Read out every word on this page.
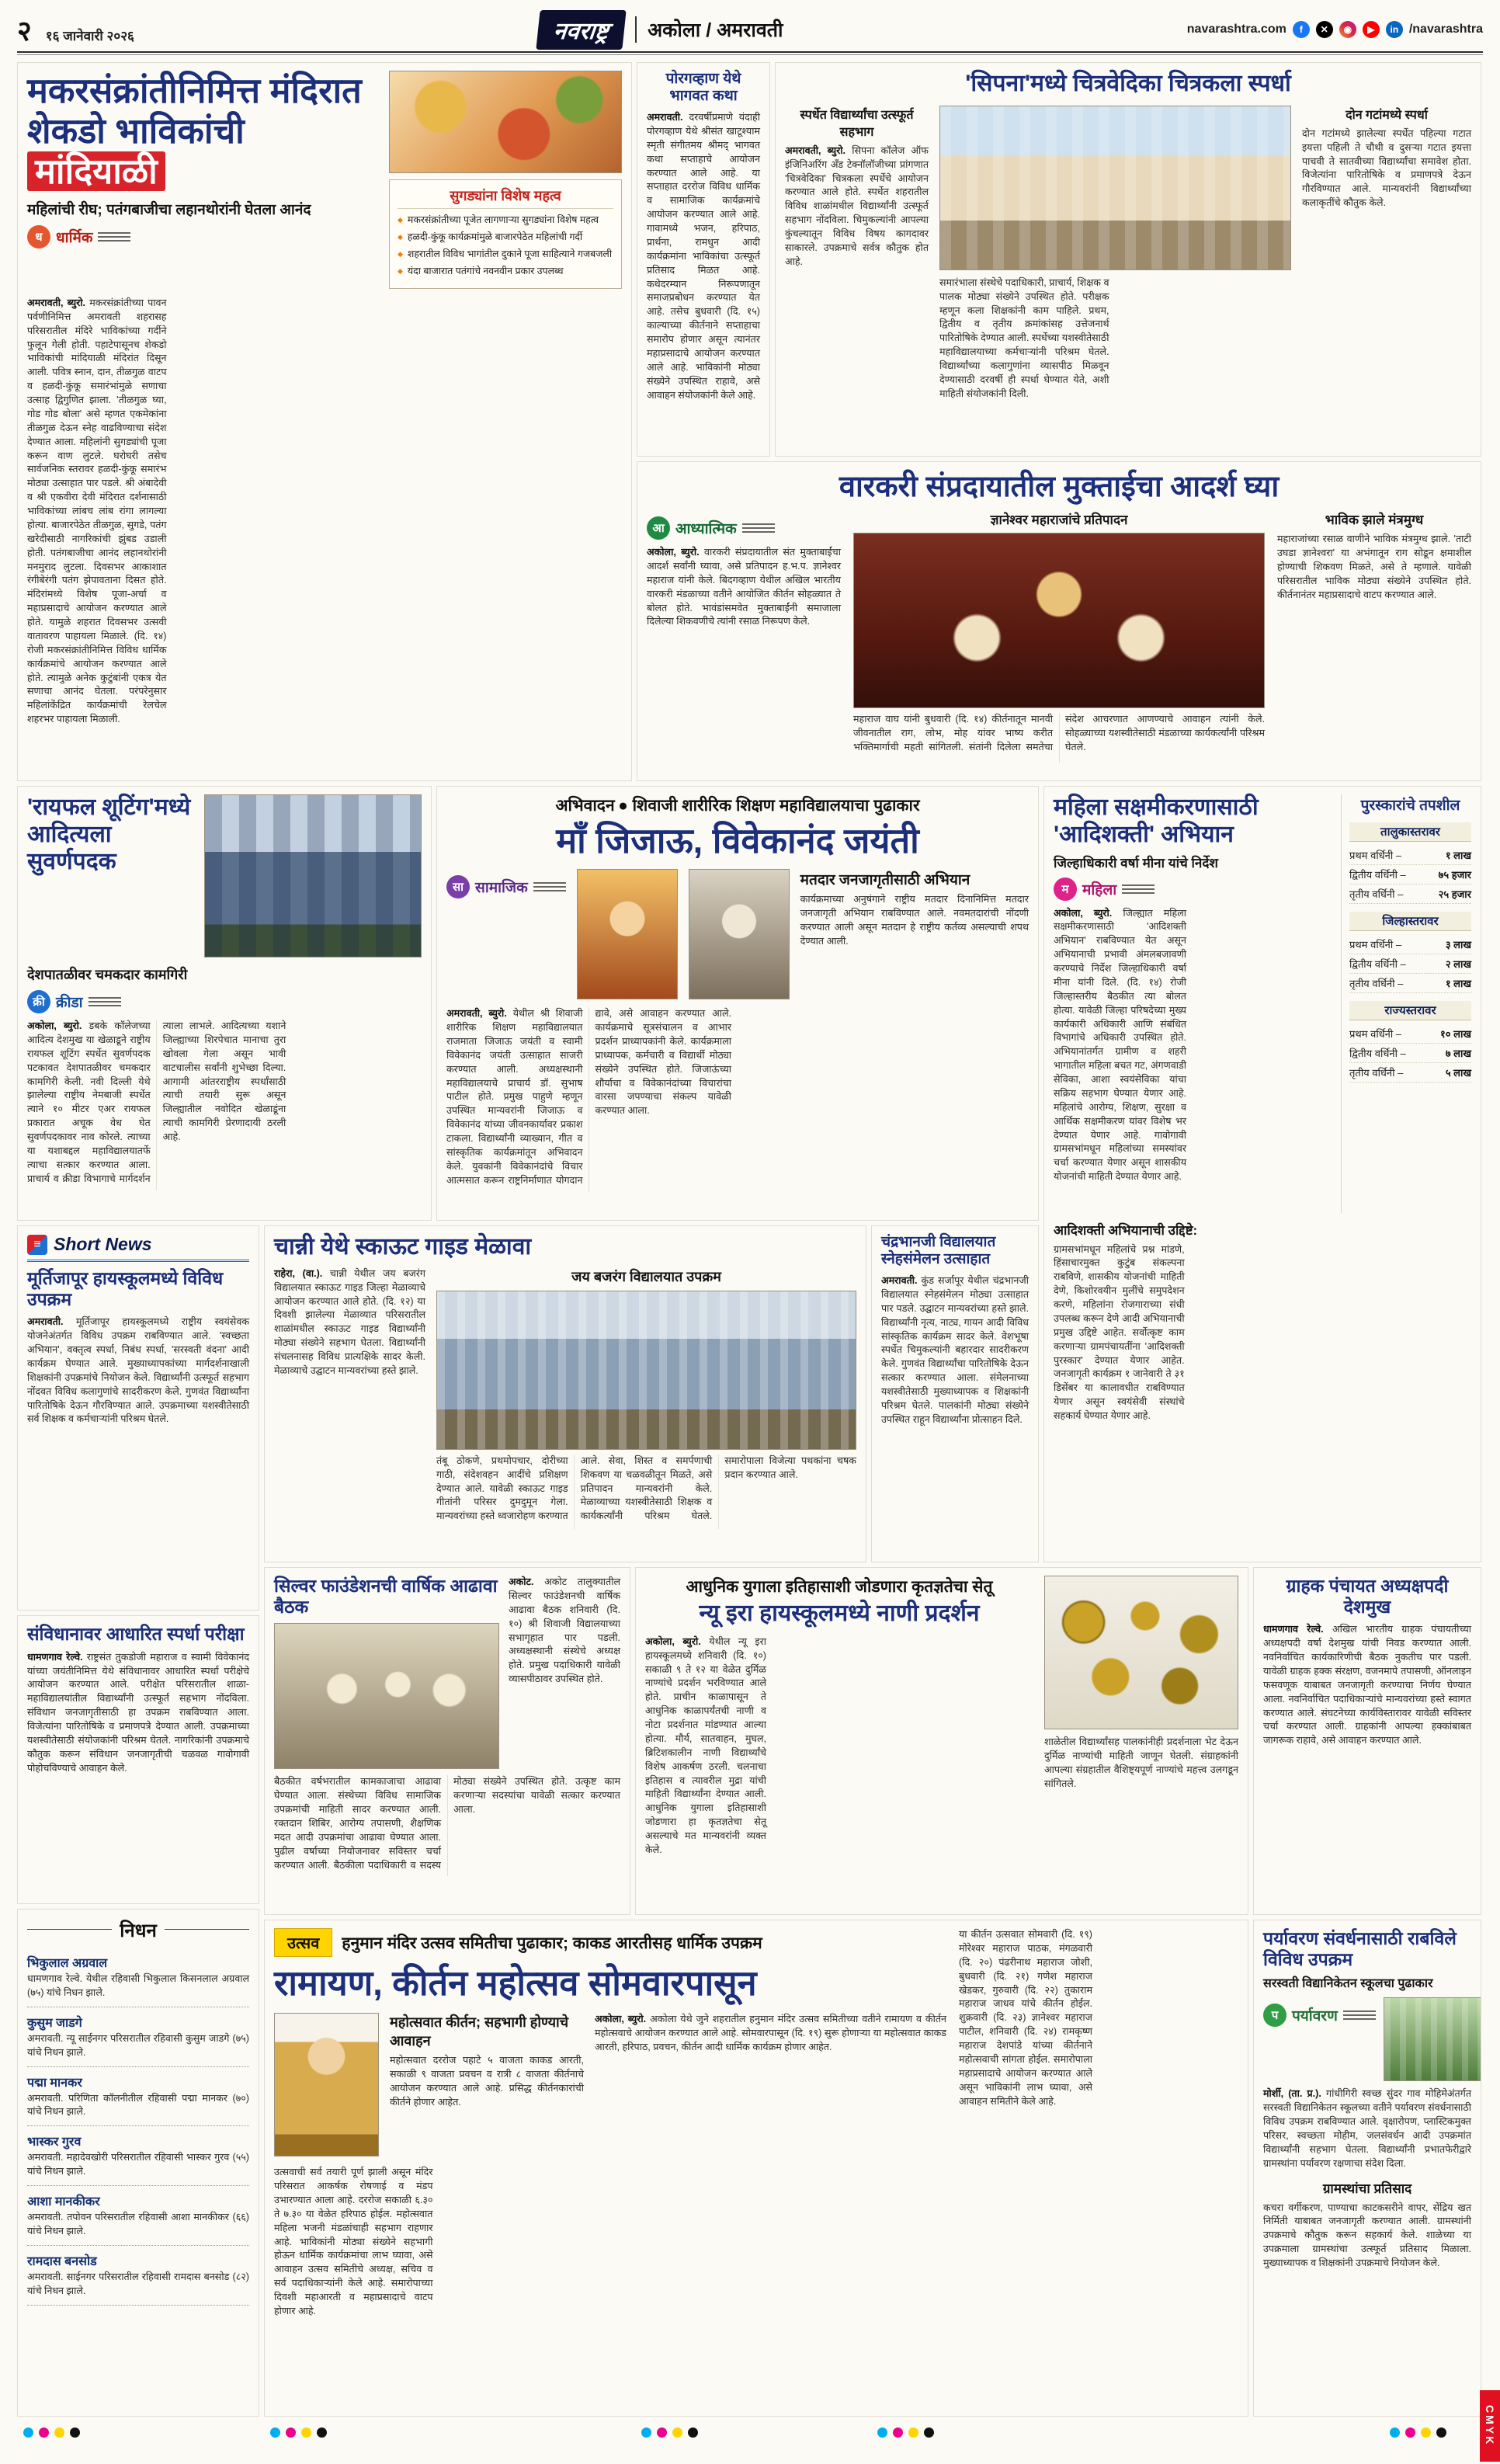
२ १६ जानेवारी २०२६	नवराष्ट्र	अकोला / अमरावती	navarashtra.com	f	✕	◉	▶	in /navarashtra
मकरसंक्रांतीनिमित्त मंदिरात
शेकडो भाविकांची मांदियाळी
महिलांची रीघ; पतंगबाजीचा लहानथोरांनी घेतला आनंद
ध धार्मिक
सुगड्यांना विशेष महत्व
◆ मकरसंक्रांतीच्या पूजेत लागणाऱ्या सुगड्यांना विशेष महत्व
◆ हळदी-कुंकू कार्यक्रमांमुळे बाजारपेठेत महिलांची गर्दी
◆ शहरातील विविध भागांतील दुकाने पूजा साहित्याने गजबजली
◆ यंदा बाजारात पतंगांचे नवनवीन प्रकार उपलब्ध

अमरावती, ब्युरो. मकरसंक्रांतीच्या पावन पर्वणीनिमित्त अमरावती शहरासह परिसरातील मंदिरे भाविकांच्या गर्दीने फुलून गेली होती. पहाटेपासूनच शेकडो भाविकांची मांदियाळी मंदिरांत दिसून आली. पवित्र स्नान, दान, तीळगुळ वाटप व हळदी-कुंकू समारंभांमुळे सणाचा उत्साह द्विगुणित झाला. 'तीळगुळ घ्या, गोड गोड बोला' असे म्हणत एकमेकांना तीळगुळ देऊन स्नेह वाढविण्याचा संदेश देण्यात आला. महिलांनी सुगड्यांची पूजा करून वाण लुटले. घरोघरी तसेच सार्वजनिक स्तरावर हळदी-कुंकू समारंभ मोठ्या उत्साहात पार पडले. श्री अंबादेवी व श्री एकवीरा देवी मंदिरात दर्शनासाठी भाविकांच्या लांबच लांब रांगा लागल्या होत्या. बाजारपेठेत तीळगुळ, सुगडे, पतंग खरेदीसाठी नागरिकांची झुंबड उडाली होती. पतंगबाजीचा आनंद लहानथोरांनी मनमुराद लुटला. दिवसभर आकाशात रंगीबेरंगी पतंग झेपावताना दिसत होते. मंदिरांमध्ये विशेष पूजा-अर्चा व महाप्रसादाचे आयोजन करण्यात आले होते. यामुळे शहरात दिवसभर उत्सवी वातावरण पाहायला मिळाले. (दि. १४) रोजी मकरसंक्रांतीनिमित्त विविध धार्मिक कार्यक्रमांचे आयोजन करण्यात आले होते. त्यामुळे अनेक कुटुंबांनी एकत्र येत सणाचा आनंद घेतला. परंपरेनुसार महिलांकेंद्रित कार्यक्रमांची रेलचेल शहरभर पाहायला मिळाली.

पोरगव्हाण येथे भागवत कथा

अमरावती. दरवर्षीप्रमाणे यंदाही पोरगव्हाण येथे श्रीसंत खाटूश्याम स्मृती संगीतमय श्रीमद् भागवत कथा सप्ताहाचे आयोजन करण्यात आले आहे. या सप्ताहात दररोज विविध धार्मिक व सामाजिक कार्यक्रमांचे आयोजन करण्यात आले आहे. गावामध्ये भजन, हरिपाठ, प्रार्थना, रामधुन आदी कार्यक्रमांना भाविकांचा उत्स्फूर्त प्रतिसाद मिळत आहे. कथेदरम्यान निरूपणातून समाजप्रबोधन करण्यात येत आहे. तसेच बुधवारी (दि. १५) काल्याच्या कीर्तनाने सप्ताहाचा समारोप होणार असून त्यानंतर महाप्रसादाचे आयोजन करण्यात आले आहे. भाविकांनी मोठ्या संख्येने उपस्थित राहावे, असे आवाहन संयोजकांनी केले आहे.

'सिपना'मध्ये चित्रवेदिका चित्रकला स्पर्धा
स्पर्धेत विद्यार्थ्यांचा उत्स्फूर्त सहभाग

अमरावती, ब्युरो. सिपना कॉलेज ऑफ इंजिनिअरिंग अँड टेक्नॉलॉजीच्या प्रांगणात 'चित्रवेदिका' चित्रकला स्पर्धेचे आयोजन करण्यात आले होते. स्पर्धेत शहरातील विविध शाळांमधील विद्यार्थ्यांनी उत्स्फूर्त सहभाग नोंदविला. चिमुकल्यांनी आपल्या कुंचल्यातून विविध विषय कागदावर साकारले. उपक्रमाचे सर्वत्र कौतुक होत आहे.

समारंभाला संस्थेचे पदाधिकारी, प्राचार्य, शिक्षक व पालक मोठ्या संख्येने उपस्थित होते. परीक्षक म्हणून कला शिक्षकांनी काम पाहिले. प्रथम, द्वितीय व तृतीय क्रमांकांसह उत्तेजनार्थ पारितोषिके देण्यात आली. स्पर्धेच्या यशस्वीतेसाठी महाविद्यालयाच्या कर्मचाऱ्यांनी परिश्रम घेतले. विद्यार्थ्यांच्या कलागुणांना व्यासपीठ मिळवून देण्यासाठी दरवर्षी ही स्पर्धा घेण्यात येते, अशी माहिती संयोजकांनी दिली.

दोन गटांमध्ये स्पर्धा

दोन गटांमध्ये झालेल्या स्पर्धेत पहिल्या गटात इयत्ता पहिली ते चौथी व दुसऱ्या गटात इयत्ता पाचवी ते सातवीच्या विद्यार्थ्यांचा समावेश होता. विजेत्यांना पारितोषिके व प्रमाणपत्रे देऊन गौरविण्यात आले. मान्यवरांनी विद्यार्थ्यांच्या कलाकृतींचे कौतुक केले.

वारकरी संप्रदायातील मुक्ताईचा आदर्श घ्या
आ आध्यात्मिक

अकोला, ब्युरो. वारकरी संप्रदायातील संत मुक्ताबाईंचा आदर्श सर्वांनी घ्यावा, असे प्रतिपादन ह.भ.प. ज्ञानेश्वर महाराज यांनी केले. बिदगव्हाण येथील अखिल भारतीय वारकरी मंडळाच्या वतीने आयोजित कीर्तन सोहळ्यात ते बोलत होते. भावंडांसमवेत मुक्ताबाईंनी समाजाला दिलेल्या शिकवणीचे त्यांनी रसाळ निरूपण केले.

ज्ञानेश्वर महाराजांचे प्रतिपादन

महाराज वाघ यांनी बुधवारी (दि. १४) कीर्तनातून मानवी जीवनातील राग, लोभ, मोह यांवर भाष्य करीत भक्तिमार्गाची महती सांगितली. संतांनी दिलेला समतेचा संदेश आचरणात आणण्याचे आवाहन त्यांनी केले. सोहळ्याच्या यशस्वीतेसाठी मंडळाच्या कार्यकर्त्यांनी परिश्रम घेतले.

भाविक झाले मंत्रमुग्ध

महाराजांच्या रसाळ वाणीने भाविक मंत्रमुग्ध झाले. 'ताटी उघडा ज्ञानेश्वरा' या अभंगातून राग सोडून क्षमाशील होण्याची शिकवण मिळते, असे ते म्हणाले. यावेळी परिसरातील भाविक मोठ्या संख्येने उपस्थित होते. कीर्तनानंतर महाप्रसादाचे वाटप करण्यात आले.

'रायफल शूटिंग'मध्ये आदित्यला सुवर्णपदक
देशपातळीवर चमकदार कामगिरी
क्री क्रीडा

अकोला, ब्युरो. डबके कॉलेजच्या आदित्य देशमुख या खेळाडूने राष्ट्रीय रायफल शूटिंग स्पर्धेत सुवर्णपदक पटकावत देशपातळीवर चमकदार कामगिरी केली. नवी दिल्ली येथे झालेल्या राष्ट्रीय नेमबाजी स्पर्धेत त्याने १० मीटर एअर रायफल प्रकारात अचूक वेध घेत सुवर्णपदकावर नाव कोरले. त्याच्या या यशाबद्दल महाविद्यालयातर्फे त्याचा सत्कार करण्यात आला. प्राचार्य व क्रीडा विभागाचे मार्गदर्शन त्याला लाभले. आदित्यच्या यशाने जिल्ह्याच्या शिरपेचात मानाचा तुरा खोवला गेला असून भावी वाटचालीस सर्वांनी शुभेच्छा दिल्या. आगामी आंतरराष्ट्रीय स्पर्धांसाठी त्याची तयारी सुरू असून जिल्ह्यातील नवोदित खेळाडूंना त्याची कामगिरी प्रेरणादायी ठरली आहे.

अभिवादन ● शिवाजी शारीरिक शिक्षण महाविद्यालयाचा पुढाकार
माँ जिजाऊ, विवेकानंद जयंती
सा सामाजिक	मतदार जनजागृतीसाठी अभियान

कार्यक्रमाच्या अनुषंगाने राष्ट्रीय मतदार दिनानिमित्त मतदार जनजागृती अभियान राबविण्यात आले. नवमतदारांची नोंदणी करण्यात आली असून मतदान हे राष्ट्रीय कर्तव्य असल्याची शपथ देण्यात आली.

अमरावती, ब्युरो. येथील श्री शिवाजी शारीरिक शिक्षण महाविद्यालयात राजमाता जिजाऊ जयंती व स्वामी विवेकानंद जयंती उत्साहात साजरी करण्यात आली. अध्यक्षस्थानी महाविद्यालयाचे प्राचार्य डॉ. सुभाष पाटील होते. प्रमुख पाहुणे म्हणून उपस्थित मान्यवरांनी जिजाऊ व विवेकानंद यांच्या जीवनकार्यावर प्रकाश टाकला. विद्यार्थ्यांनी व्याख्यान, गीत व सांस्कृतिक कार्यक्रमांतून अभिवादन केले. युवकांनी विवेकानंदांचे विचार आत्मसात करून राष्ट्रनिर्माणात योगदान द्यावे, असे आवाहन करण्यात आले. कार्यक्रमाचे सूत्रसंचालन व आभार प्रदर्शन प्राध्यापकांनी केले. कार्यक्रमाला प्राध्यापक, कर्मचारी व विद्यार्थी मोठ्या संख्येने उपस्थित होते. जिजाऊंच्या शौर्याचा व विवेकानंदांच्या विचारांचा वारसा जपण्याचा संकल्प यावेळी करण्यात आला.

महिला सक्षमीकरणासाठी
'आदिशक्ती' अभियान
जिल्हाधिकारी वर्षा मीना यांचे निर्देश
म महिला

अकोला, ब्युरो. जिल्ह्यात महिला सक्षमीकरणासाठी 'आदिशक्ती अभियान' राबविण्यात येत असून अभियानाची प्रभावी अंमलबजावणी करण्याचे निर्देश जिल्हाधिकारी वर्षा मीना यांनी दिले. (दि. १४) रोजी जिल्हास्तरीय बैठकीत त्या बोलत होत्या. यावेळी जिल्हा परिषदेच्या मुख्य कार्यकारी अधिकारी आणि संबंधित विभागांचे अधिकारी उपस्थित होते. अभियानांतर्गत ग्रामीण व शहरी भागातील महिला बचत गट, अंगणवाडी सेविका, आशा स्वयंसेविका यांचा सक्रिय सहभाग घेण्यात येणार आहे. महिलांचे आरोग्य, शिक्षण, सुरक्षा व आर्थिक सक्षमीकरण यांवर विशेष भर देण्यात येणार आहे. गावोगावी ग्रामसभांमधून महिलांच्या समस्यांवर चर्चा करण्यात येणार असून शासकीय योजनांची माहिती देण्यात येणार आहे.

पुरस्कारांचे तपशील
तालुकास्तरावर
प्रथम वर्धिनी –	१ लाख
द्वितीय वर्धिनी –	७५ हजार
तृतीय वर्धिनी –	२५ हजार
जिल्हास्तरावर
प्रथम वर्धिनी –	३ लाख
द्वितीय वर्धिनी –	२ लाख
तृतीय वर्धिनी –	१ लाख
राज्यस्तरावर
प्रथम वर्धिनी –	१० लाख
द्वितीय वर्धिनी –	७ लाख
तृतीय वर्धिनी –	५ लाख
आदिशक्ती अभियानाची उद्दिष्टे:

ग्रामसभांमधून महिलांचे प्रश्न मांडणे, हिंसाचारमुक्त कुटुंब संकल्पना राबविणे, शासकीय योजनांची माहिती देणे, किशोरवयीन मुलींचे समुपदेशन करणे, महिलांना रोजगाराच्या संधी उपलब्ध करून देणे आदी अभियानाची प्रमुख उद्दिष्टे आहेत. सर्वोत्कृष्ट काम करणाऱ्या ग्रामपंचायतींना 'आदिशक्ती पुरस्कार' देण्यात येणार आहेत. जनजागृती कार्यक्रम १ जानेवारी ते ३१ डिसेंबर या कालावधीत राबविण्यात येणार असून स्वयंसेवी संस्थांचे सहकार्य घेण्यात येणार आहे.

≡ Short News
मूर्तिजापूर हायस्कूलमध्ये विविध उपक्रम

अमरावती. मूर्तिजापूर हायस्कूलमध्ये राष्ट्रीय स्वयंसेवक योजनेअंतर्गत विविध उपक्रम राबविण्यात आले. 'स्वच्छता अभियान', वक्तृत्व स्पर्धा, निबंध स्पर्धा, 'सरस्वती वंदना' आदी कार्यक्रम घेण्यात आले. मुख्याध्यापकांच्या मार्गदर्शनाखाली शिक्षकांनी उपक्रमांचे नियोजन केले. विद्यार्थ्यांनी उत्स्फूर्त सहभाग नोंदवत विविध कलागुणांचे सादरीकरण केले. गुणवंत विद्यार्थ्यांना पारितोषिके देऊन गौरविण्यात आले. उपक्रमाच्या यशस्वीतेसाठी सर्व शिक्षक व कर्मचाऱ्यांनी परिश्रम घेतले.

चान्नी येथे स्काऊट गाइड मेळावा

राहेरा, (वा.). चान्नी येथील जय बजरंग विद्यालयात स्काऊट गाइड जिल्हा मेळाव्याचे आयोजन करण्यात आले होते. (दि. १२) या दिवशी झालेल्या मेळाव्यात परिसरातील शाळांमधील स्काऊट गाइड विद्यार्थ्यांनी मोठ्या संख्येने सहभाग घेतला. विद्यार्थ्यांनी संचलनासह विविध प्रात्यक्षिके सादर केली. मेळाव्याचे उद्घाटन मान्यवरांच्या हस्ते झाले.

जय बजरंग विद्यालयात उपक्रम

तंबू ठोकणे, प्रथमोपचार, दोरीच्या गाठी, संदेशवहन आदींचे प्रशिक्षण देण्यात आले. यावेळी स्काऊट गाइड गीतांनी परिसर दुमदुमून गेला. मान्यवरांच्या हस्ते ध्वजारोहण करण्यात आले. सेवा, शिस्त व समर्पणाची शिकवण या चळवळीतून मिळते, असे प्रतिपादन मान्यवरांनी केले. मेळाव्याच्या यशस्वीतेसाठी शिक्षक व कार्यकर्त्यांनी परिश्रम घेतले. समारोपाला विजेत्या पथकांना चषक प्रदान करण्यात आले.

चंद्रभानजी विद्यालयात स्नेहसंमेलन उत्साहात

अमरावती. कुंड सर्जापूर येथील चंद्रभानजी विद्यालयात स्नेहसंमेलन मोठ्या उत्साहात पार पडले. उद्घाटन मान्यवरांच्या हस्ते झाले. विद्यार्थ्यांनी नृत्य, नाट्य, गायन आदी विविध सांस्कृतिक कार्यक्रम सादर केले. वेशभूषा स्पर्धेत चिमुकल्यांनी बहारदार सादरीकरण केले. गुणवंत विद्यार्थ्यांचा पारितोषिके देऊन सत्कार करण्यात आला. संमेलनाच्या यशस्वीतेसाठी मुख्याध्यापक व शिक्षकांनी परिश्रम घेतले. पालकांनी मोठ्या संख्येने उपस्थित राहून विद्यार्थ्यांना प्रोत्साहन दिले.

संविधानावर आधारित स्पर्धा परीक्षा

धामणगाव रेल्वे. राष्ट्रसंत तुकडोजी महाराज व स्वामी विवेकानंद यांच्या जयंतीनिमित्त येथे संविधानावर आधारित स्पर्धा परीक्षेचे आयोजन करण्यात आले. परीक्षेत परिसरातील शाळा-महाविद्यालयांतील विद्यार्थ्यांनी उत्स्फूर्त सहभाग नोंदविला. संविधान जनजागृतीसाठी हा उपक्रम राबविण्यात आला. विजेत्यांना पारितोषिके व प्रमाणपत्रे देण्यात आली. उपक्रमाच्या यशस्वीतेसाठी संयोजकांनी परिश्रम घेतले. नागरिकांनी उपक्रमाचे कौतुक करून संविधान जनजागृतीची चळवळ गावोगावी पोहोचविण्याचे आवाहन केले.

सिल्वर फाउंडेशनची वार्षिक आढावा बैठक

अकोट. अकोट तालुक्यातील सिल्वर फाउंडेशनची वार्षिक आढावा बैठक शनिवारी (दि. १०) श्री शिवाजी विद्यालयाच्या सभागृहात पार पडली. अध्यक्षस्थानी संस्थेचे अध्यक्ष होते. प्रमुख पदाधिकारी यावेळी व्यासपीठावर उपस्थित होते.

बैठकीत वर्षभरातील कामकाजाचा आढावा घेण्यात आला. संस्थेच्या विविध सामाजिक उपक्रमांची माहिती सादर करण्यात आली. रक्तदान शिबिर, आरोग्य तपासणी, शैक्षणिक मदत आदी उपक्रमांचा आढावा घेण्यात आला. पुढील वर्षाच्या नियोजनावर सविस्तर चर्चा करण्यात आली. बैठकीला पदाधिकारी व सदस्य मोठ्या संख्येने उपस्थित होते. उत्कृष्ट काम करणाऱ्या सदस्यांचा यावेळी सत्कार करण्यात आला.

आधुनिक युगाला इतिहासाशी जोडणारा कृतज्ञतेचा सेतू
न्यू इरा हायस्कूलमध्ये नाणी प्रदर्शन

अकोला, ब्युरो. येथील न्यू इरा हायस्कूलमध्ये शनिवारी (दि. १०) सकाळी ९ ते १२ या वेळेत दुर्मिळ नाण्यांचे प्रदर्शन भरविण्यात आले होते. प्राचीन काळापासून ते आधुनिक काळापर्यंतची नाणी व नोटा प्रदर्शनात मांडण्यात आल्या होत्या. मौर्य, सातवाहन, मुघल, ब्रिटिशकालीन नाणी विद्यार्थ्यांचे विशेष आकर्षण ठरली. चलनाचा इतिहास व त्यावरील मुद्रा यांची माहिती विद्यार्थ्यांना देण्यात आली. आधुनिक युगाला इतिहासाशी जोडणारा हा कृतज्ञतेचा सेतू असल्याचे मत मान्यवरांनी व्यक्त केले.

शाळेतील विद्यार्थ्यांसह पालकांनीही प्रदर्शनाला भेट देऊन दुर्मिळ नाण्यांची माहिती जाणून घेतली. संग्राहकांनी आपल्या संग्रहातील वैशिष्ट्यपूर्ण नाण्यांचे महत्त्व उलगडून सांगितले.

ग्राहक पंचायत अध्यक्षपदी देशमुख

धामणगाव रेल्वे. अखिल भारतीय ग्राहक पंचायतीच्या अध्यक्षपदी वर्षा देशमुख यांची निवड करण्यात आली. नवनिर्वाचित कार्यकारिणीची बैठक नुकतीच पार पडली. यावेळी ग्राहक हक्क संरक्षण, वजनमापे तपासणी, ऑनलाइन फसवणूक याबाबत जनजागृती करण्याचा निर्णय घेण्यात आला. नवनिर्वाचित पदाधिकाऱ्यांचे मान्यवरांच्या हस्ते स्वागत करण्यात आले. संघटनेच्या कार्यविस्तारावर यावेळी सविस्तर चर्चा करण्यात आली. ग्राहकांनी आपल्या हक्कांबाबत जागरूक राहावे, असे आवाहन करण्यात आले.

निधन
भिकुलाल अग्रवाल
धामणगाव रेल्वे. येथील रहिवासी भिकुलाल किसनलाल अग्रवाल (७५) यांचे निधन झाले.
कुसुम जाडगे
अमरावती. न्यू साईनगर परिसरातील रहिवासी कुसुम जाडगे (७५) यांचे निधन झाले.
पद्मा मानकर
अमरावती. परिणिता कॉलनीतील रहिवासी पद्मा मानकर (७०) यांचे निधन झाले.
भास्कर गुरव
अमरावती. महादेवखोरी परिसरातील रहिवासी भास्कर गुरव (५५) यांचे निधन झाले.
आशा मानकीकर
अमरावती. तपोवन परिसरातील रहिवासी आशा मानकीकर (६६) यांचे निधन झाले.
रामदास बनसोड
अमरावती. साईनगर परिसरातील रहिवासी रामदास बनसोड (८२) यांचे निधन झाले.
उत्सव	हनुमान मंदिर उत्सव समितीचा पुढाकार; काकड आरतीसह धार्मिक उपक्रम
रामायण, कीर्तन महोत्सव सोमवारपासून
महोत्सवात कीर्तन; सहभागी होण्याचे आवाहन

महोत्सवात दररोज पहाटे ५ वाजता काकड आरती, सकाळी ९ वाजता प्रवचन व रात्री ८ वाजता कीर्तनाचे आयोजन करण्यात आले आहे. प्रसिद्ध कीर्तनकारांची कीर्तने होणार आहेत.

अकोला, ब्युरो. अकोला येथे जुने शहरातील हनुमान मंदिर उत्सव समितीच्या वतीने रामायण व कीर्तन महोत्सवाचे आयोजन करण्यात आले आहे. सोमवारपासून (दि. १९) सुरू होणाऱ्या या महोत्सवात काकड आरती, हरिपाठ, प्रवचन, कीर्तन आदी धार्मिक कार्यक्रम होणार आहेत.

उत्सवाची सर्व तयारी पूर्ण झाली असून मंदिर परिसरात आकर्षक रोषणाई व मंडप उभारण्यात आला आहे. दररोज सकाळी ६.३० ते ७.३० या वेळेत हरिपाठ होईल. महोत्सवात महिला भजनी मंडळांचाही सहभाग राहणार आहे. भाविकांनी मोठ्या संख्येने सहभागी होऊन धार्मिक कार्यक्रमांचा लाभ घ्यावा, असे आवाहन उत्सव समितीचे अध्यक्ष, सचिव व सर्व पदाधिकाऱ्यांनी केले आहे. समारोपाच्या दिवशी महाआरती व महाप्रसादाचे वाटप होणार आहे.

या कीर्तन उत्सवात सोमवारी (दि. १९) मोरेश्वर महाराज पाठक, मंगळवारी (दि. २०) पंढरीनाथ महाराज जोशी, बुधवारी (दि. २१) गणेश महाराज खेडकर, गुरुवारी (दि. २२) तुकाराम महाराज जाधव यांचे कीर्तन होईल. शुक्रवारी (दि. २३) ज्ञानेश्वर महाराज पाटील, शनिवारी (दि. २४) रामकृष्ण महाराज देशपांडे यांच्या कीर्तनाने महोत्सवाची सांगता होईल. समारोपाला महाप्रसादाचे आयोजन करण्यात आले असून भाविकांनी लाभ घ्यावा, असे आवाहन समितीने केले आहे.

पर्यावरण संवर्धनासाठी राबविले विविध उपक्रम
सरस्वती विद्यानिकेतन स्कूलचा पुढाकार
प पर्यावरण

मोर्शी, (ता. प्र.). गांधीगिरी स्वच्छ सुंदर गाव मोहिमेअंतर्गत सरस्वती विद्यानिकेतन स्कूलच्या वतीने पर्यावरण संवर्धनासाठी विविध उपक्रम राबविण्यात आले. वृक्षारोपण, प्लास्टिकमुक्त परिसर, स्वच्छता मोहीम, जलसंवर्धन आदी उपक्रमांत विद्यार्थ्यांनी सहभाग घेतला. विद्यार्थ्यांनी प्रभातफेरीद्वारे ग्रामस्थांना पर्यावरण रक्षणाचा संदेश दिला.

ग्रामस्थांचा प्रतिसाद

कचरा वर्गीकरण, पाण्याचा काटकसरीने वापर, सेंद्रिय खत निर्मिती याबाबत जनजागृती करण्यात आली. ग्रामस्थांनी उपक्रमाचे कौतुक करून सहकार्य केले. शाळेच्या या उपक्रमाला ग्रामस्थांचा उत्स्फूर्त प्रतिसाद मिळाला. मुख्याध्यापक व शिक्षकांनी उपक्रमाचे नियोजन केले.

CMYK
